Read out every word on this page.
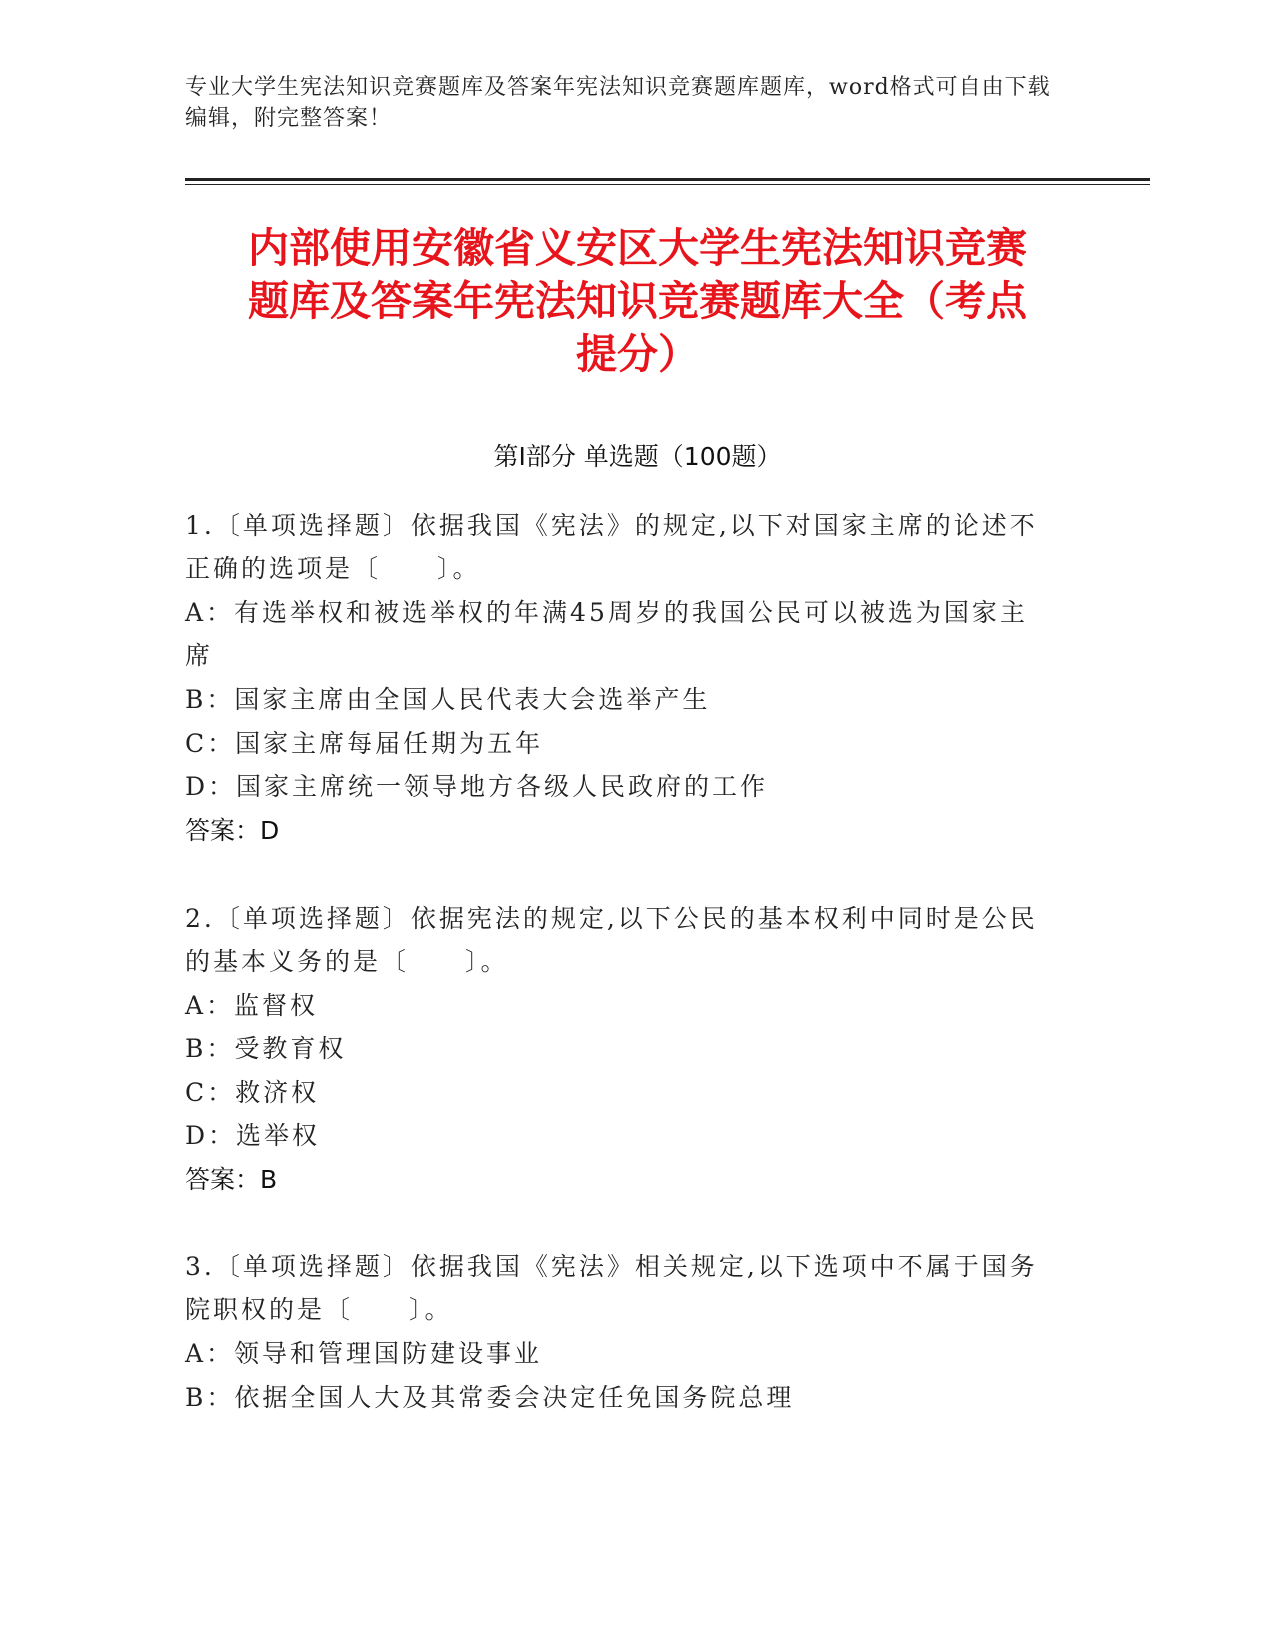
专业大学生宪法知识竞赛题库及答案年宪法知识竞赛题库题库，word格式可自由下载编辑，附完整答案！
内部使用安徽省义安区大学生宪法知识竞赛
题库及答案年宪法知识竞赛题库大全（考点
提分）
第Ⅰ部分 单选题（100题）
1.〔单项选择题〕依据我国《宪法》的规定,以下对国家主席的论述不
正确的选项是〔　　〕。
A：有选举权和被选举权的年满45周岁的我国公民可以被选为国家主
席
B：国家主席由全国人民代表大会选举产生
C：国家主席每届任期为五年
D：国家主席统一领导地方各级人民政府的工作
答案：D
2.〔单项选择题〕依据宪法的规定,以下公民的基本权利中同时是公民
的基本义务的是〔　　〕。
A：监督权
B：受教育权
C：救济权
D：选举权
答案：B
3.〔单项选择题〕依据我国《宪法》相关规定,以下选项中不属于国务
院职权的是〔　　〕。
A：领导和管理国防建设事业
B：依据全国人大及其常委会决定任免国务院总理
